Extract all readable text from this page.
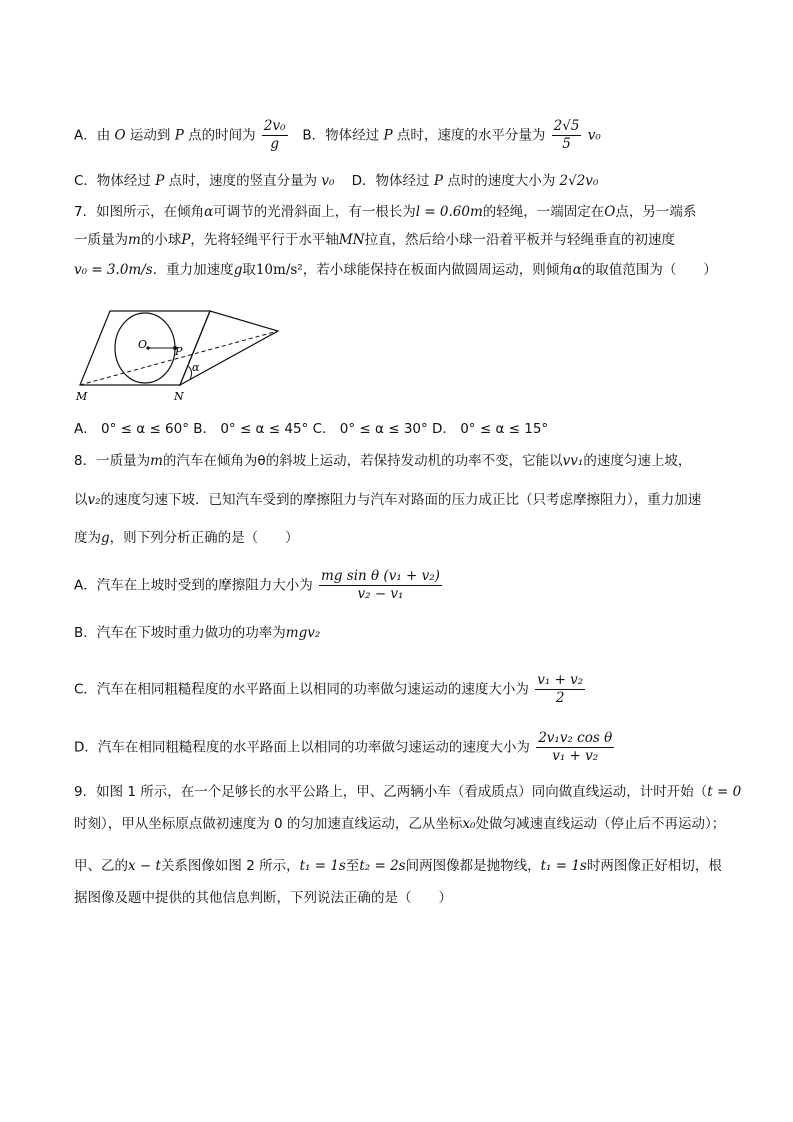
A．由 O 运动到 P 点的时间为 $\frac{\text{2v₀}}{g}$ B．物体经过 P 点时，速度的水平分量为 $\frac{2√5}{5} v_0$
C．物体经过 P 点时，速度的竖直分量为 v₀ D．物体经过 P 点时的速度大小为 2√2v₀
7．如图所示，在倾角α可调节的光滑斜面上，有一根长为l = 0.60m的轻绳，一端固定在O点，另一端系
一质量为m的小球P，先将轻绳平行于水平轴MN拉直，然后给小球一沿着平板并与轻绳垂直的初速度
v₀ = 3.0m/s．重力加速度g取10m/s²，若小球能保持在板面内做圆周运动，则倾角α的取值范围为（　　）
O
P
α
M	N
A． 0° ≤ α ≤ 60° B． 0° ≤ α ≤ 45° C． 0° ≤ α ≤ 30° D． 0° ≤ α ≤ 15°
8．一质量为m的汽车在倾角为θ的斜坡上运动，若保持发动机的功率不变，它能以vv₁的速度匀速上坡，
以v₂的速度匀速下坡．已知汽车受到的摩擦阻力与汽车对路面的压力成正比（只考虑摩擦阻力），重力加速
度为g，则下列分析正确的是（　　）
A．汽车在上坡时受到的摩擦阻力大小为 $\frac{\text{mg sin θ (v₁ + v₂)}}{\text{v₂ − v₁}}$
B．汽车在下坡时重力做功的功率为mgv₂
C．汽车在相同粗糙程度的水平路面上以相同的功率做匀速运动的速度大小为 $\frac{\text{v₁ + v₂}}{2}$
D．汽车在相同粗糙程度的水平路面上以相同的功率做匀速运动的速度大小为 $\frac{\text{2v₁v₂ cos θ}}{\text{v₁ + v₂}}$
9．如图 1 所示，在一个足够长的水平公路上，甲、乙两辆小车（看成质点）同向做直线运动，计时开始（t = 0
时刻），甲从坐标原点做初速度为 0 的匀加速直线运动，乙从坐标x₀处做匀减速直线运动（停止后不再运动）；
甲、乙的x − t关系图像如图 2 所示，t₁ = 1s至t₂ = 2s间两图像都是抛物线，t₁ = 1s时两图像正好相切，根
据图像及题中提供的其他信息判断，下列说法正确的是（　　）
